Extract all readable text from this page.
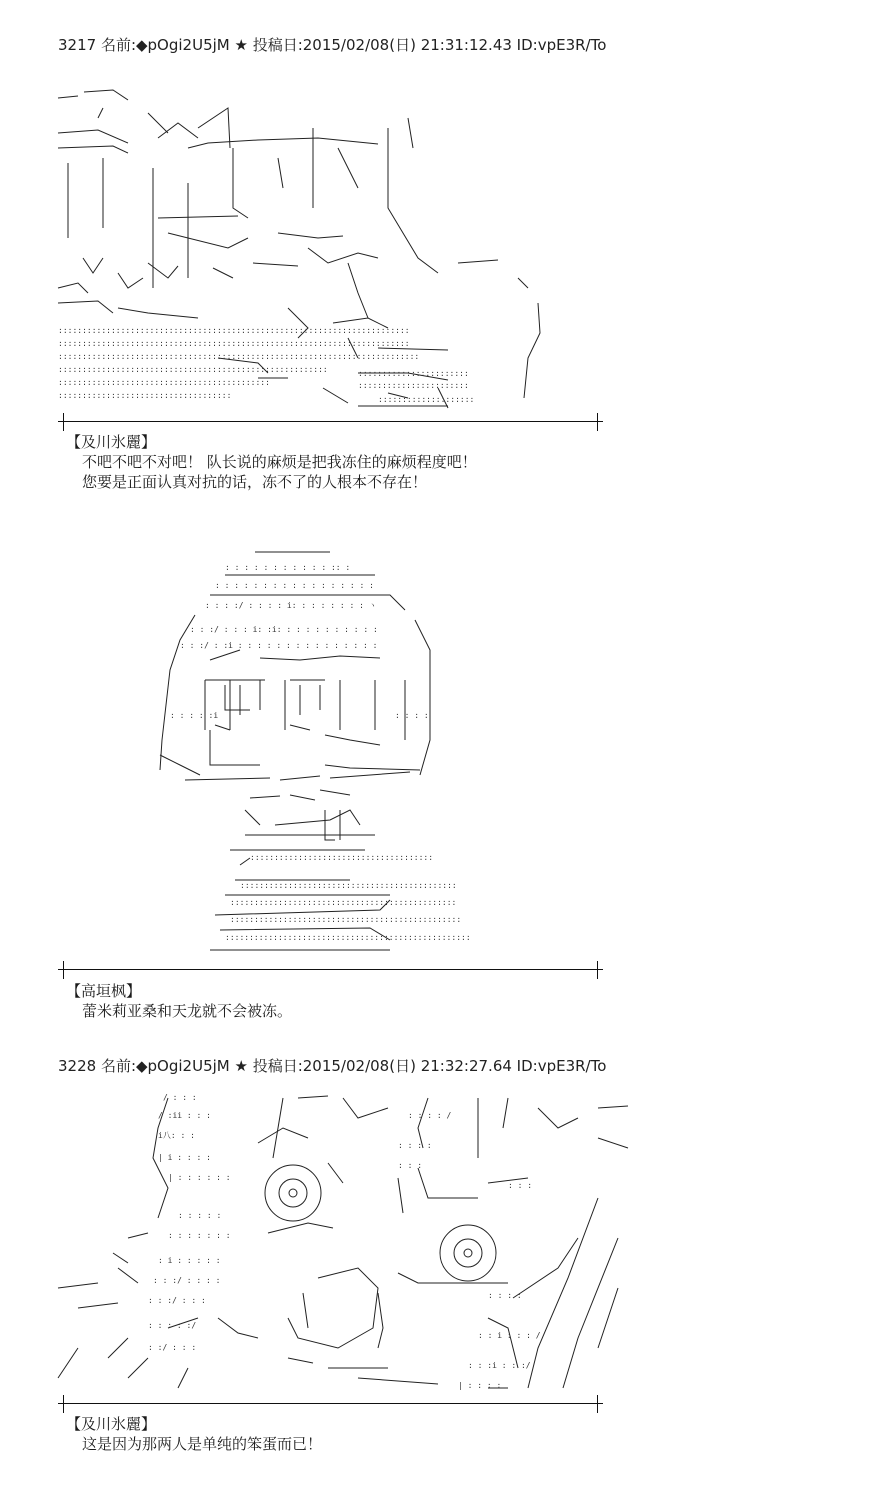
3217 名前:◆pOgi2U5jM ★ 投稿日:2015/02/08(日) 21:31:12.43 ID:vpE3R/To
:::::::::::::::::::::::::::::::::::::::::::::::::::::::::::::::::::::::::
:::::::::::::::::::::::::::::::::::::::::::::::::::::::::::::::::::::::::
:::::::::::::::::::::::::::::::::::::::::::::::::::::::::::::::::::::::::::
::::::::::::::::::::::::::::::::::::::::::::::::::::::::
::::::::::::::::::::::::::::::::::::::::::::
::::::::::::::::::::::::::::::::::::
:::::::::::::::::::::::
:::::::::::::::::::::::
::::::::::::::::::::
【及川氷麗】
不吧不吧不对吧！ 队长说的麻烦是把我冻住的麻烦程度吧！
您要是正面认真对抗的话，冻不了的人根本不存在！
: : : : : : : : : : : :: :
: : : : : : : : : : : : : : : : :
: : : :/ : : : : i: : : : : : : : ヽ
: : :/ : : : i: :i: : : : : : : : : : :
: : :/ : :i : : : : : : : : : : : : : : :
: : : : :i	: : : :
::::::::::::::::::::::::::::::::::::::
:::::::::::::::::::::::::::::::::::::::::::::
:::::::::::::::::::::::::::::::::::::::::::::::
::::::::::::::::::::::::::::::::::::::::::::::::
:::::::::::::::::::::::::::::::::::::::::::::::::::
【高垣枫】
蕾米莉亚桑和天龙就不会被冻。
3228 名前:◆pOgi2U5jM ★ 投稿日:2015/02/08(日) 21:32:27.64 ID:vpE3R/To
/ : : :
/ :ii : : :
i八: : :
| i : : : :
| : : : : : :
: : : : :
: : : : : : :
: i : : : : :
: : :/ : : : :
: : :/ : : :
: : : : :/
: :/ : : :
: : : : /
: : : :
: : :
: : :
: : : :
: : i : : : /
: : :i : : :/
| : : : :
【及川氷麗】
这是因为那两人是单纯的笨蛋而已！
